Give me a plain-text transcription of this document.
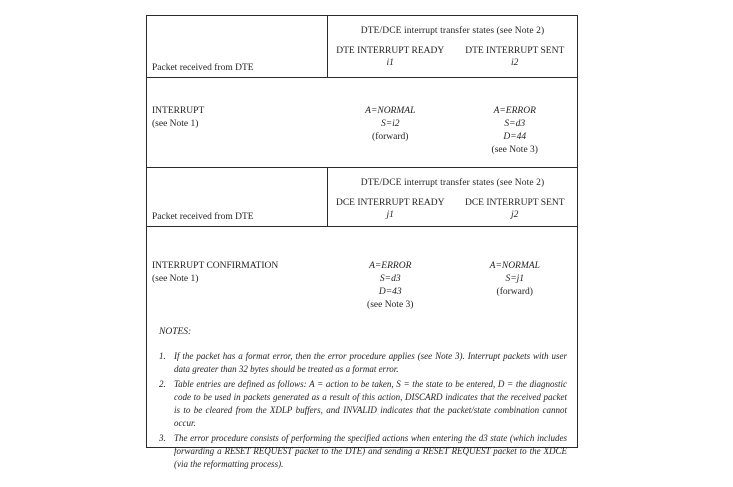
Packet received from DTE
DTE/DCE interrupt transfer states (see Note 2)
DTE INTERRUPT READY
i1
DTE INTERRUPT SENT
i2
INTERRUPT
(see Note 1)
A=NORMAL
S=i2
(forward)
A=ERROR
S=d3
D=44
(see Note 3)
Packet received from DTE
DTE/DCE interrupt transfer states (see Note 2)
DCE INTERRUPT READY
j1
DCE INTERRUPT SENT
j2
INTERRUPT CONFIRMATION
(see Note 1)
A=ERROR
S=d3
D=43
(see Note 3)
A=NORMAL
S=j1
(forward)
NOTES:
1. If the packet has a format error, then the error procedure applies (see Note 3). Interrupt packets with user data greater than 32 bytes should be treated as a format error.
2. Table entries are defined as follows: A = action to be taken, S = the state to be entered, D = the diagnostic code to be used in packets generated as a result of this action, DISCARD indicates that the received packet is to be cleared from the XDLP buffers, and INVALID indicates that the packet/state combination cannot occur.
3. The error procedure consists of performing the specified actions when entering the d3 state (which includes forwarding a RESET REQUEST packet to the DTE) and sending a RESET REQUEST packet to the XDCE (via the reformatting process).
